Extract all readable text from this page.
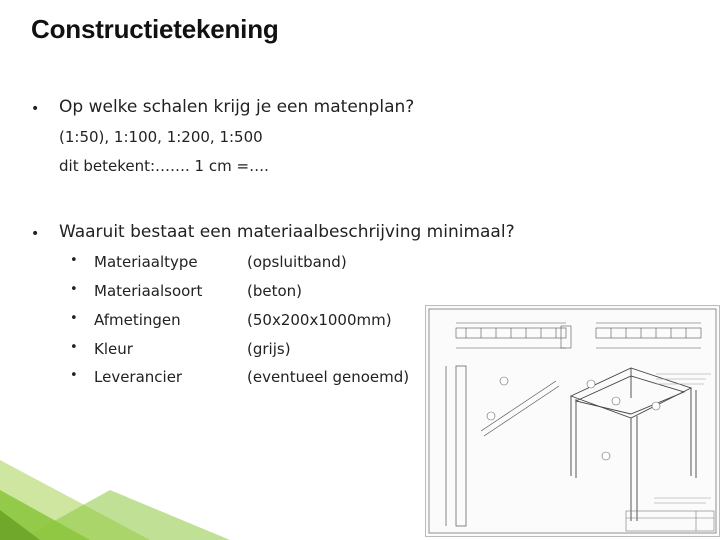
Constructietekening
• Op welke schalen krijg je een matenplan?
(1:50), 1:100, 1:200, 1:500
dit betekent:……. 1 cm =….
• Waaruit bestaat een materiaalbeschrijving minimaal?
• Materiaaltype	(opsluitband)
• Materiaalsoort	(beton)
• Afmetingen	(50x200x1000mm)
• Kleur	(grijs)
• Leverancier	(eventueel genoemd)
